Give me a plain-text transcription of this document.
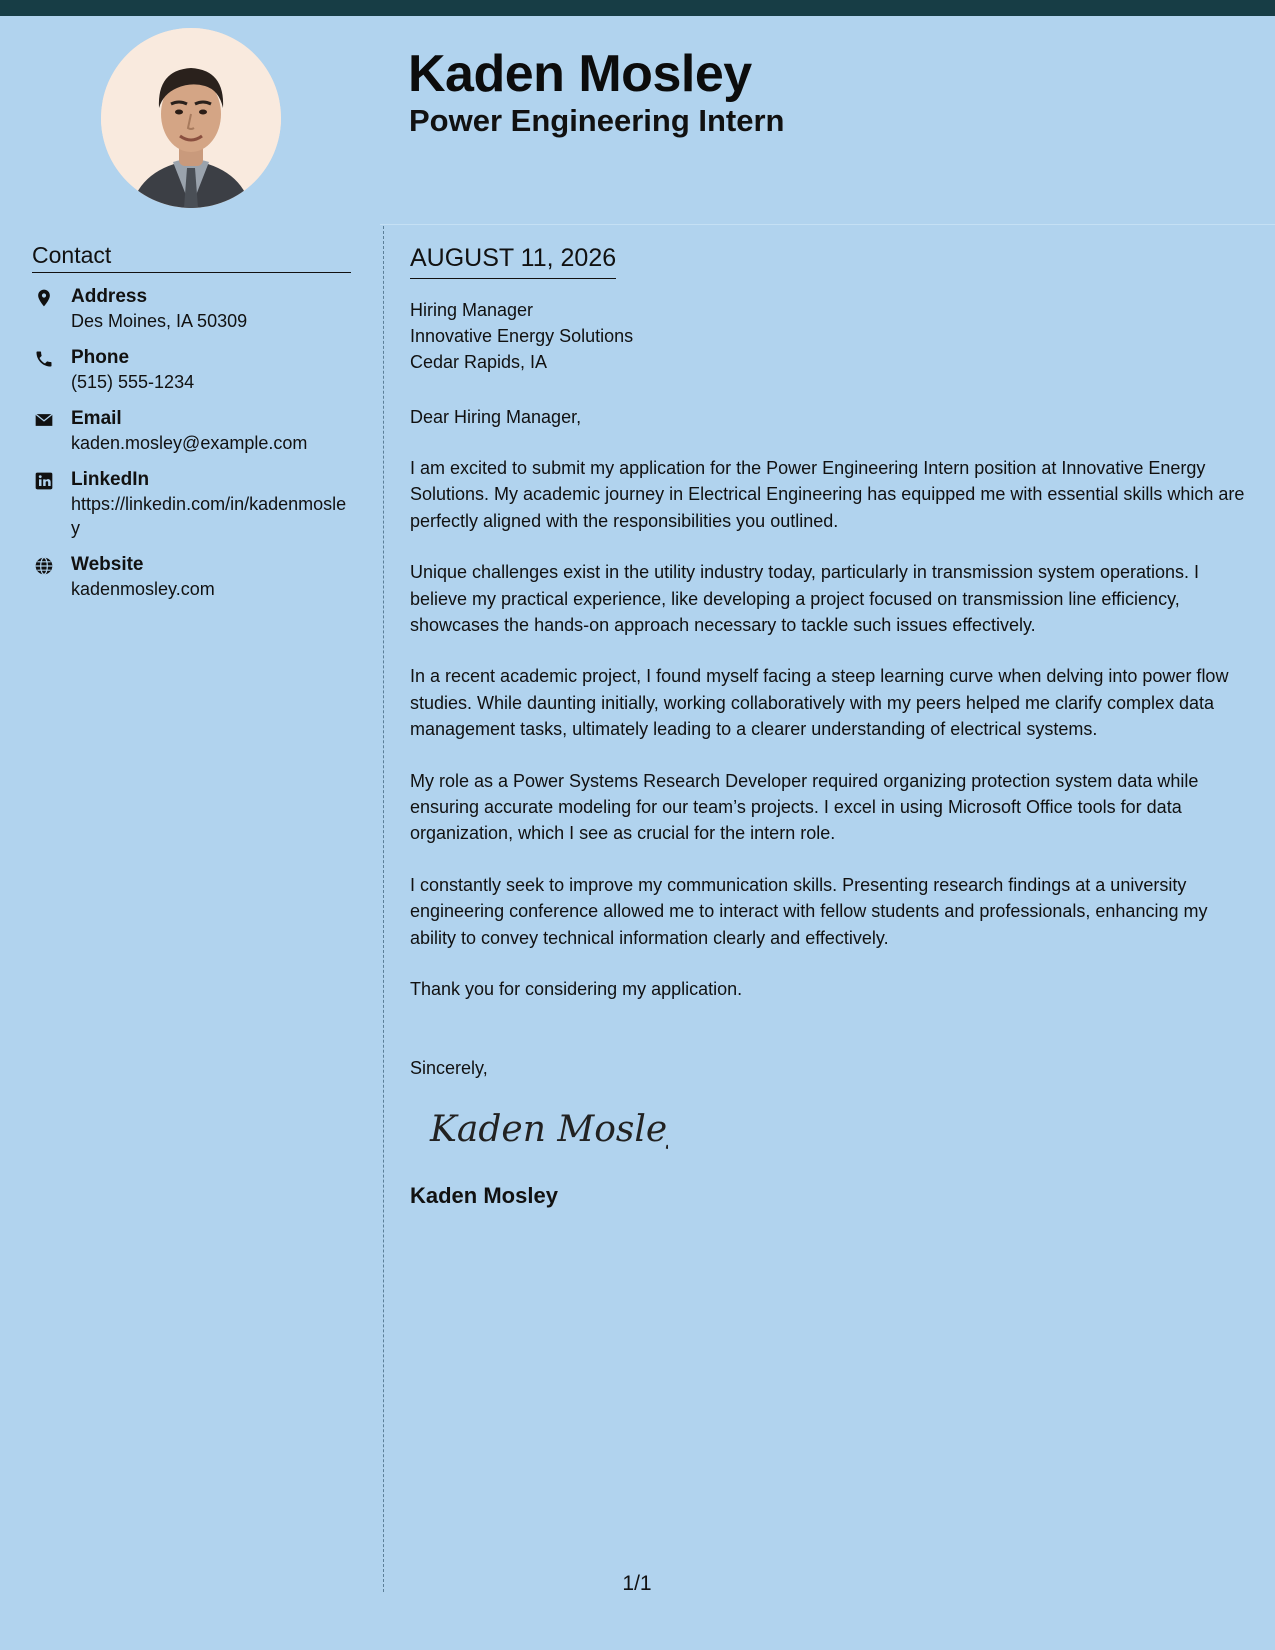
Kaden Mosley
Power Engineering Intern
Contact
Address
Des Moines, IA 50309
Phone
(515) 555-1234
Email
kaden.mosley@example.com
LinkedIn
https://linkedin.com/in/kadenmosley
Website
kadenmosley.com
AUGUST 11, 2026
Hiring Manager
Innovative Energy Solutions
Cedar Rapids, IA

Dear Hiring Manager,

I am excited to submit my application for the Power Engineering Intern position at Innovative Energy Solutions. My academic journey in Electrical Engineering has equipped me with essential skills which are perfectly aligned with the responsibilities you outlined.

Unique challenges exist in the utility industry today, particularly in transmission system operations. I believe my practical experience, like developing a project focused on transmission line efficiency, showcases the hands-on approach necessary to tackle such issues effectively.

In a recent academic project, I found myself facing a steep learning curve when delving into power flow studies. While daunting initially, working collaboratively with my peers helped me clarify complex data management tasks, ultimately leading to a clearer understanding of electrical systems.

My role as a Power Systems Research Developer required organizing protection system data while ensuring accurate modeling for our team’s projects. I excel in using Microsoft Office tools for data organization, which I see as crucial for the intern role.

I constantly seek to improve my communication skills. Presenting research findings at a university engineering conference allowed me to interact with fellow students and professionals, enhancing my ability to convey technical information clearly and effectively.

Thank you for considering my application.

Sincerely,

Kaden Mosley

Kaden Mosley

1/1
